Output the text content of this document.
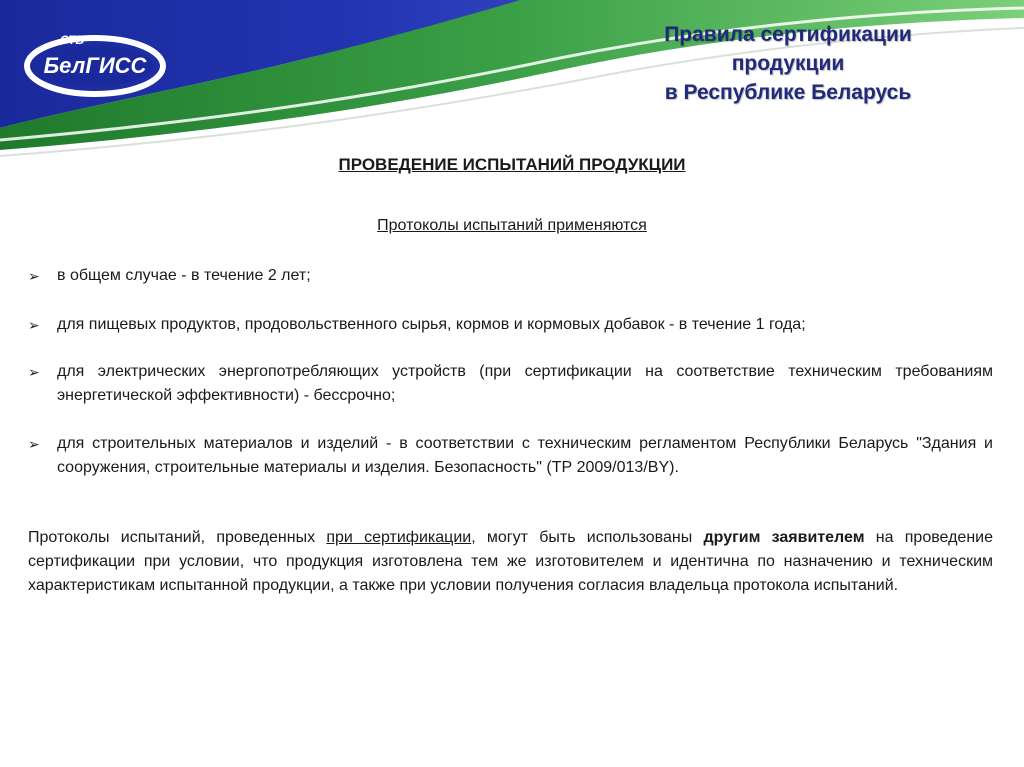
СТБ
БелГИСС
Правила сертификации
продукции
в Республике Беларусь
ПРОВЕДЕНИЕ ИСПЫТАНИЙ ПРОДУКЦИИ
Протоколы испытаний применяются
➢ в общем случае - в течение 2 лет;
➢ для пищевых продуктов, продовольственного сырья, кормов и кормовых добавок - в течение 1 года;
➢ для электрических энергопотребляющих устройств (при сертификации на соответствие техническим требованиям энергетической эффективности) - бессрочно;
➢ для строительных материалов и изделий - в соответствии с техническим регламентом Республики Беларусь "Здания и сооружения, строительные материалы и изделия. Безопасность" (ТР 2009/013/BY).
Протоколы испытаний, проведенных при сертификации, могут быть использованы другим заявителем на проведение сертификации при условии, что продукция изготовлена тем же изготовителем и идентична по назначению и техническим характеристикам испытанной продукции, а также при условии получения согласия владельца протокола испытаний.
